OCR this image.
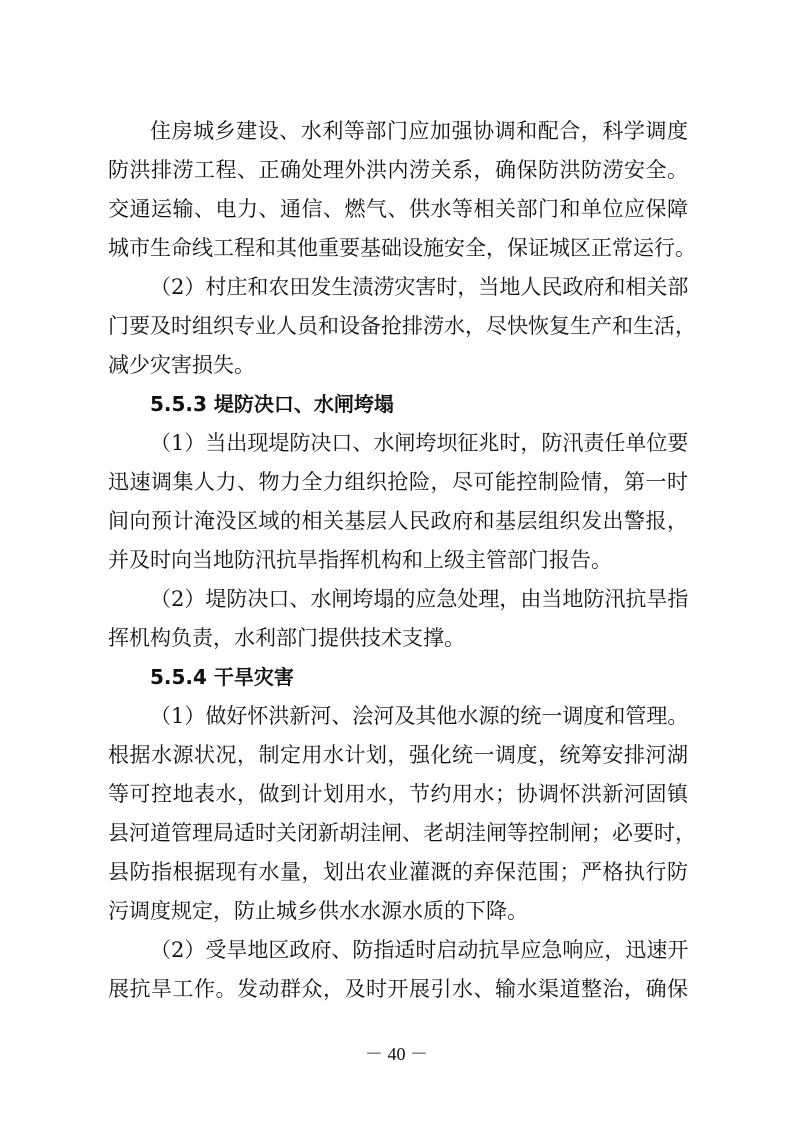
住房城乡建设、水利等部门应加强协调和配合，科学调度
防洪排涝工程、正确处理外洪内涝关系，确保防洪防涝安全。
交通运输、电力、通信、燃气、供水等相关部门和单位应保障
城市生命线工程和其他重要基础设施安全，保证城区正常运行。
（2）村庄和农田发生渍涝灾害时，当地人民政府和相关部
门要及时组织专业人员和设备抢排涝水，尽快恢复生产和生活，
减少灾害损失。
5.5.3 堤防决口、水闸垮塌
（1）当出现堤防决口、水闸垮坝征兆时，防汛责任单位要
迅速调集人力、物力全力组织抢险，尽可能控制险情，第一时
间向预计淹没区域的相关基层人民政府和基层组织发出警报，
并及时向当地防汛抗旱指挥机构和上级主管部门报告。
（2）堤防决口、水闸垮塌的应急处理，由当地防汛抗旱指
挥机构负责，水利部门提供技术支撑。
5.5.4 干旱灾害
（1）做好怀洪新河、浍河及其他水源的统一调度和管理。
根据水源状况，制定用水计划，强化统一调度，统筹安排河湖
等可控地表水，做到计划用水，节约用水；协调怀洪新河固镇
县河道管理局适时关闭新胡洼闸、老胡洼闸等控制闸；必要时，
县防指根据现有水量，划出农业灌溉的弃保范围；严格执行防
污调度规定，防止城乡供水水源水质的下降。
（2）受旱地区政府、防指适时启动抗旱应急响应，迅速开
展抗旱工作。发动群众，及时开展引水、输水渠道整治，确保
－ 40 －
